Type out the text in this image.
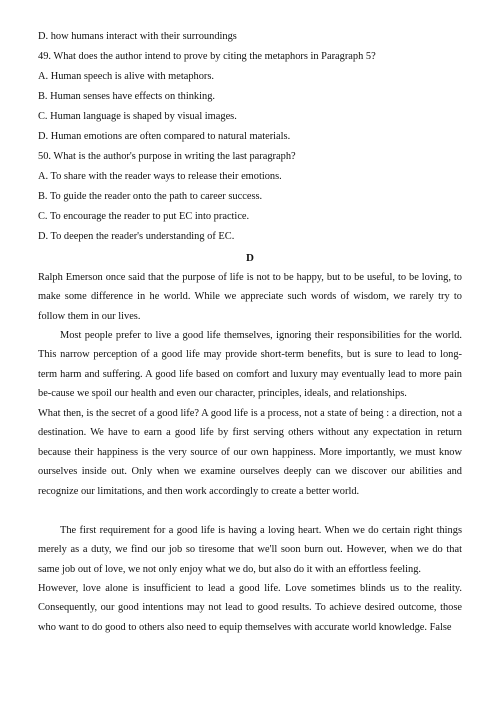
D. how humans interact with their surroundings
49. What does the author intend to prove by citing the metaphors in Paragraph 5?
A. Human speech is alive with metaphors.
B. Human senses have effects on thinking.
C. Human language is shaped by visual images.
D. Human emotions are often compared to natural materials.
50. What is the author's purpose in writing the last paragraph?
A. To share with the reader ways to release their emotions.
B. To guide the reader onto the path to career success.
C. To encourage the reader to put EC into practice.
D. To deepen the reader's understanding of EC.
D
Ralph Emerson once said that the purpose of life is not to be happy, but to be useful, to be loving, to make some difference in he world. While we appreciate such words of wisdom, we rarely try to follow them in our lives.
Most people prefer to live a good life themselves, ignoring their responsibilities for the world. This narrow perception of a good life may provide short-term benefits, but is sure to lead to long-term harm and suffering. A good life based on comfort and luxury may eventually lead to more pain be-cause we spoil our health and even our character, principles, ideals, and relationships.
What then, is the secret of a good life? A good life is a process, not a state of being : a direction, not a destination. We have to earn a good life by first serving others without any expectation in return because their happiness is the very source of our own happiness. More importantly, we must know ourselves inside out. Only when we examine ourselves deeply can we discover our abilities and recognize our limitations, and then work accordingly to create a better world.
The first requirement for a good life is having a loving heart. When we do certain right things merely as a duty, we find our job so tiresome that we'll soon burn out. However, when we do that same job out of love, we not only enjoy what we do, but also do it with an effortless feeling.
However, love alone is insufficient to lead a good life. Love sometimes blinds us to the reality. Consequently, our good intentions may not lead to good results. To achieve desired outcome, those who want to do good to others also need to equip themselves with accurate world knowledge. False
